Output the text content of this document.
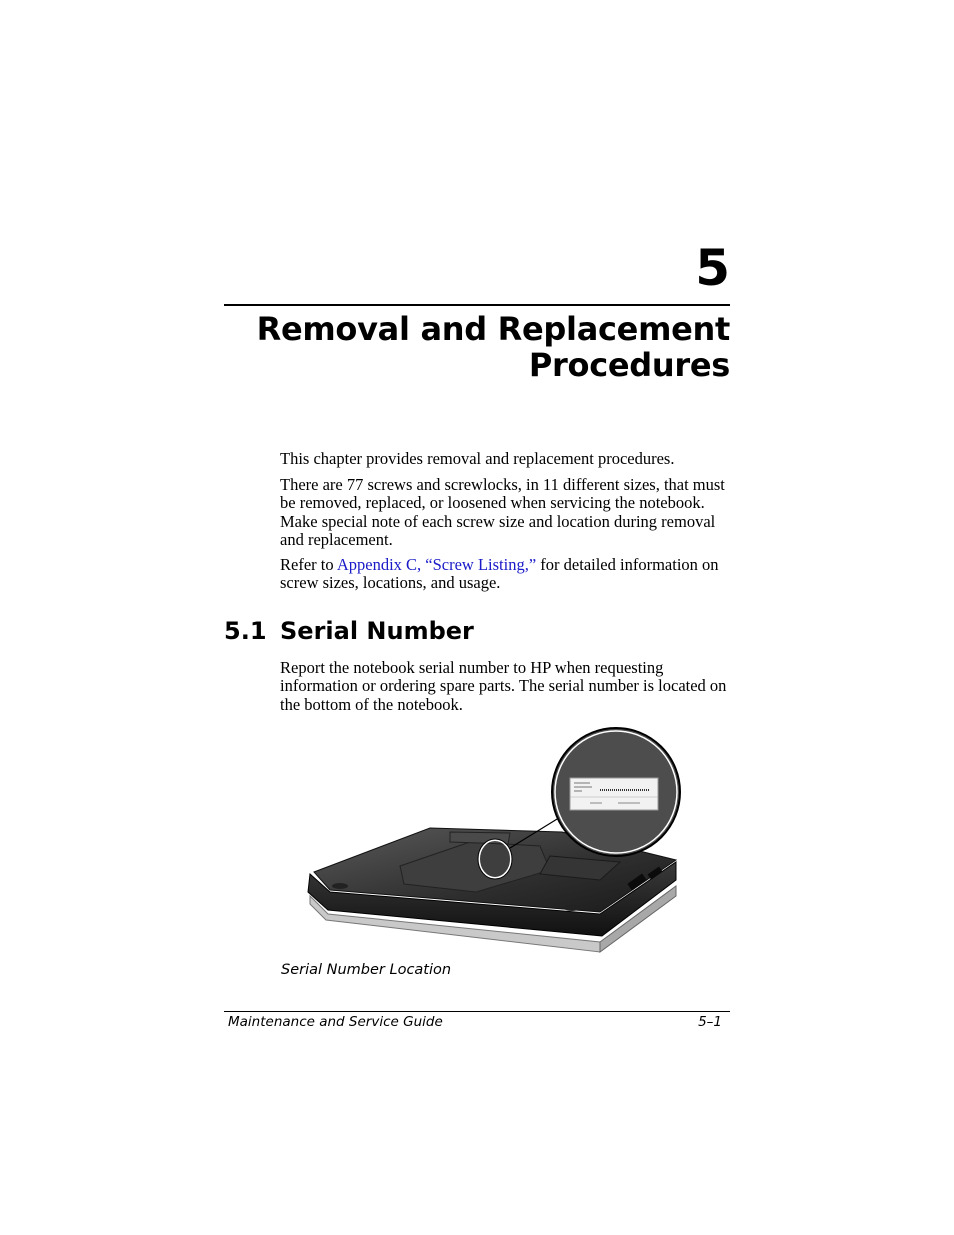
5
Removal and Replacement
Procedures

This chapter provides removal and replacement procedures.

There are 77 screws and screwlocks, in 11 different sizes, that must be removed, replaced, or loosened when servicing the notebook. Make special note of each screw size and location during removal and replacement.

Refer to Appendix C, “Screw Listing,” for detailed information on screw sizes, locations, and usage.

5.1 Serial Number

Report the notebook serial number to HP when requesting information or ordering spare parts. The serial number is located on the bottom of the notebook.

Serial Number Location

Maintenance and Service Guide	5–1
